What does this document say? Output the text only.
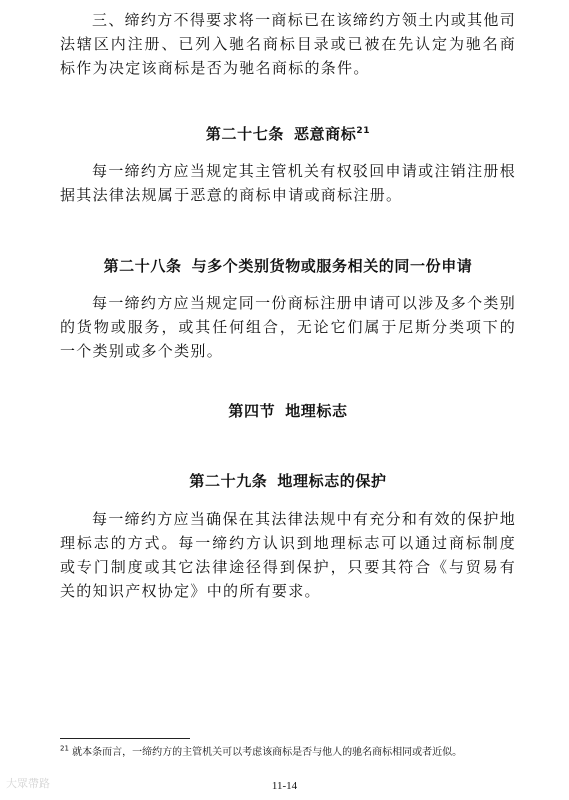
三、缔约方不得要求将一商标已在该缔约方领土内或其他司法辖区内注册、已列入驰名商标目录或已被在先认定为驰名商标作为决定该商标是否为驰名商标的条件。

第二十七条 恶意商标$^{21}$

每一缔约方应当规定其主管机关有权驳回申请或注销注册根据其法律法规属于恶意的商标申请或商标注册。

第二十八条 与多个类别货物或服务相关的同一份申请

每一缔约方应当规定同一份商标注册申请可以涉及多个类别的货物或服务，或其任何组合，无论它们属于尼斯分类项下的一个类别或多个类别。

第四节 地理标志
第二十九条 地理标志的保护

每一缔约方应当确保在其法律法规中有充分和有效的保护地理标志的方式。每一缔约方认识到地理标志可以通过商标制度或专门制度或其它法律途径得到保护，只要其符合《与贸易有关的知识产权协定》中的所有要求。

$^{21}$ 就本条而言，一缔约方的主管机关可以考虑该商标是否与他人的驰名商标相同或者近似。

大眾帶路	11-14
